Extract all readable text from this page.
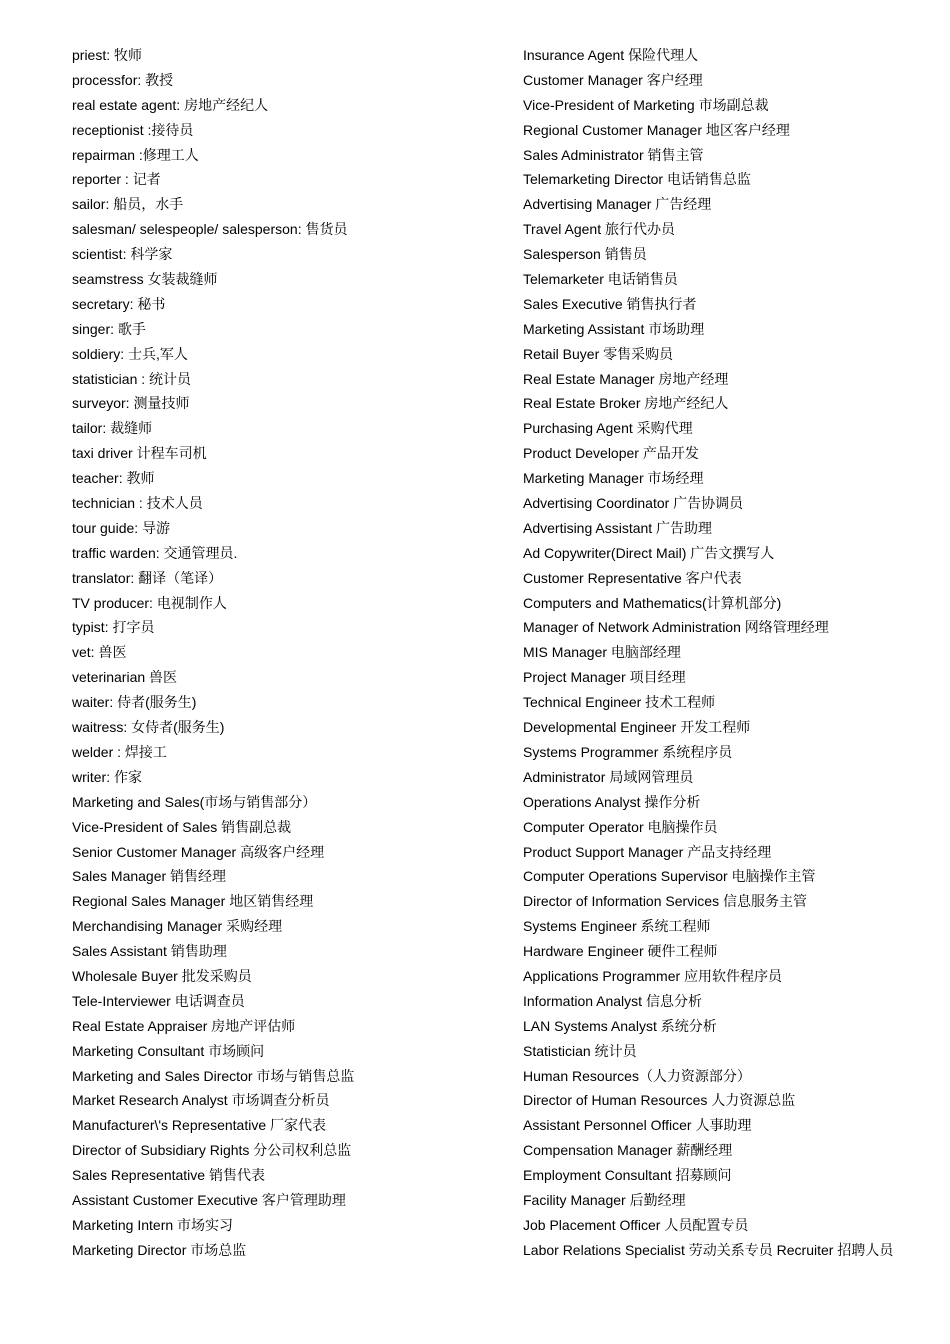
priest: 牧师
processfor: 教授
real estate agent: 房地产经纪人
receptionist :接待员
repairman :修理工人
reporter : 记者
sailor: 船员，水手
salesman/ selespeople/ salesperson: 售货员
scientist: 科学家
seamstress 女装裁缝师
secretary: 秘书
singer: 歌手
soldiery: 士兵,军人
statistician : 统计员
surveyor: 测量技师
tailor: 裁缝师
taxi driver 计程车司机
teacher: 教师
technician : 技术人员
tour guide: 导游
traffic warden: 交通管理员.
translator: 翻译（笔译）
TV producer: 电视制作人
typist: 打字员
vet: 兽医
veterinarian 兽医
waiter: 侍者(服务生)
waitress: 女侍者(服务生)
welder : 焊接工
writer: 作家
Marketing and Sales(市场与销售部分）
Vice-President of Sales 销售副总裁
Senior Customer Manager 高级客户经理
Sales Manager 销售经理
Regional Sales Manager 地区销售经理
Merchandising Manager 采购经理
Sales Assistant 销售助理
Wholesale Buyer 批发采购员
Tele-Interviewer 电话调查员
Real Estate Appraiser 房地产评估师
Marketing Consultant 市场顾问
Marketing and Sales Director 市场与销售总监
Market Research Analyst 市场调查分析员
Manufacturer\'s Representative 厂家代表
Director of Subsidiary Rights 分公司权利总监
Sales Representative 销售代表
Assistant Customer Executive 客户管理助理
Marketing Intern 市场实习
Marketing Director 市场总监
Insurance Agent 保险代理人
Customer Manager 客户经理
Vice-President of Marketing 市场副总裁
Regional Customer Manager 地区客户经理
Sales Administrator 销售主管
Telemarketing Director 电话销售总监
Advertising Manager 广告经理
Travel Agent 旅行代办员
Salesperson 销售员
Telemarketer 电话销售员
Sales Executive 销售执行者
Marketing Assistant 市场助理
Retail Buyer 零售采购员
Real Estate Manager 房地产经理
Real Estate Broker 房地产经纪人
Purchasing Agent 采购代理
Product Developer 产品开发
Marketing Manager 市场经理
Advertising Coordinator 广告协调员
Advertising Assistant 广告助理
Ad Copywriter(Direct Mail) 广告文撰写人
Customer Representative 客户代表
Computers and Mathematics(计算机部分)
Manager of Network Administration 网络管理经理
MIS Manager 电脑部经理
Project Manager 项目经理
Technical Engineer 技术工程师
Developmental Engineer 开发工程师
Systems Programmer 系统程序员
Administrator 局域网管理员
Operations Analyst 操作分析
Computer Operator 电脑操作员
Product Support Manager 产品支持经理
Computer Operations Supervisor 电脑操作主管
Director of Information Services 信息服务主管
Systems Engineer 系统工程师
Hardware Engineer 硬件工程师
Applications Programmer 应用软件程序员
Information Analyst 信息分析
LAN Systems Analyst 系统分析
Statistician 统计员
Human Resources（人力资源部分）
Director of Human Resources 人力资源总监
Assistant Personnel Officer 人事助理
Compensation Manager 薪酬经理
Employment Consultant 招募顾问
Facility Manager 后勤经理
Job Placement Officer 人员配置专员
Labor Relations Specialist 劳动关系专员 Recruiter 招聘人员
